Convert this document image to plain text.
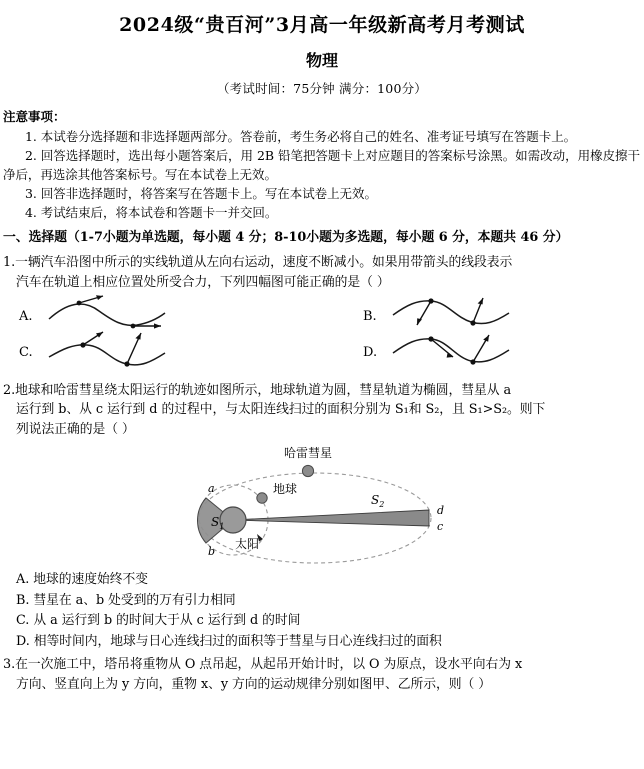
2024级“贵百河”3月高一年级新高考月考测试
物理
（考试时间：75分钟 满分：100分）
注意事项：
1. 本试卷分选择题和非选择题两部分。答卷前，考生务必将自己的姓名、准考证号填写在答题卡上。
2. 回答选择题时，选出每小题答案后，用 2B 铅笔把答题卡上对应题目的答案标号涂黑。如需改动，用橡皮擦干净后，再选涂其他答案标号。写在本试卷上无效。
3. 回答非选择题时，将答案写在答题卡上。写在本试卷上无效。
4. 考试结束后，将本试卷和答题卡一并交回。
一、选择题（1-7小题为单选题，每小题 4 分；8-10小题为多选题，每小题 6 分，本题共 46 分）
1.一辆汽车沿图中所示的实线轨道从左向右运动，速度不断减小。如果用带箭头的线段表示
汽车在轨道上相应位置处所受合力，下列四幅图可能正确的是（ ）
A.	B.
C.	D.
2.地球和哈雷彗星绕太阳运行的轨迹如图所示，地球轨道为圆，彗星轨道为椭圆，彗星从 a
运行到 b、从 c 运行到 d 的过程中，与太阳连线扫过的面积分别为 S₁和 S₂，且 S₁>S₂。则下
列说法正确的是（ ）
哈雷彗星
地球
太阳
$S_1$
$S_2$
a
b
d
c
A. 地球的速度始终不变
B. 彗星在 a、b 处受到的万有引力相同
C. 从 a 运行到 b 的时间大于从 c 运行到 d 的时间
D. 相等时间内，地球与日心连线扫过的面积等于彗星与日心连线扫过的面积
3.在一次施工中，塔吊将重物从 O 点吊起，从起吊开始计时，以 O 为原点，设水平向右为 x
方向、竖直向上为 y 方向，重物 x、y 方向的运动规律分别如图甲、乙所示，则（ ）
